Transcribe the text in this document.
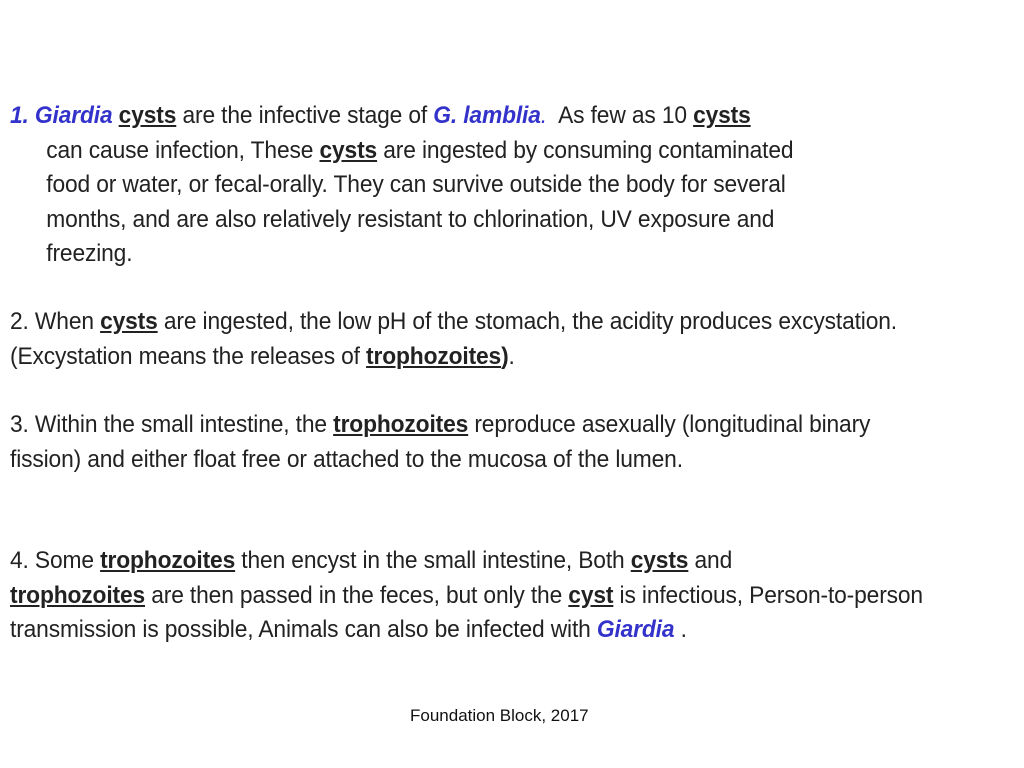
1. Giardia cysts are the infective stage of G. lamblia.  As few as 10 cysts
can cause infection, These cysts are ingested by consuming contaminated
food or water, or fecal-orally. They can survive outside the body for several
months, and are also relatively resistant to chlorination, UV exposure and
freezing.

2. When cysts are ingested, the low pH of the stomach, the acidity produces excystation. (Excystation means the releases of trophozoites).

3. Within the small intestine, the trophozoites reproduce asexually (longitudinal binary fission) and either float free or attached to the mucosa of the lumen.

4. Some trophozoites then encyst in the small intestine, Both cysts and
trophozoites are then passed in the feces, but only the cyst is infectious, Person-to-person transmission is possible, Animals can also be infected with Giardia .

Foundation Block, 2017
